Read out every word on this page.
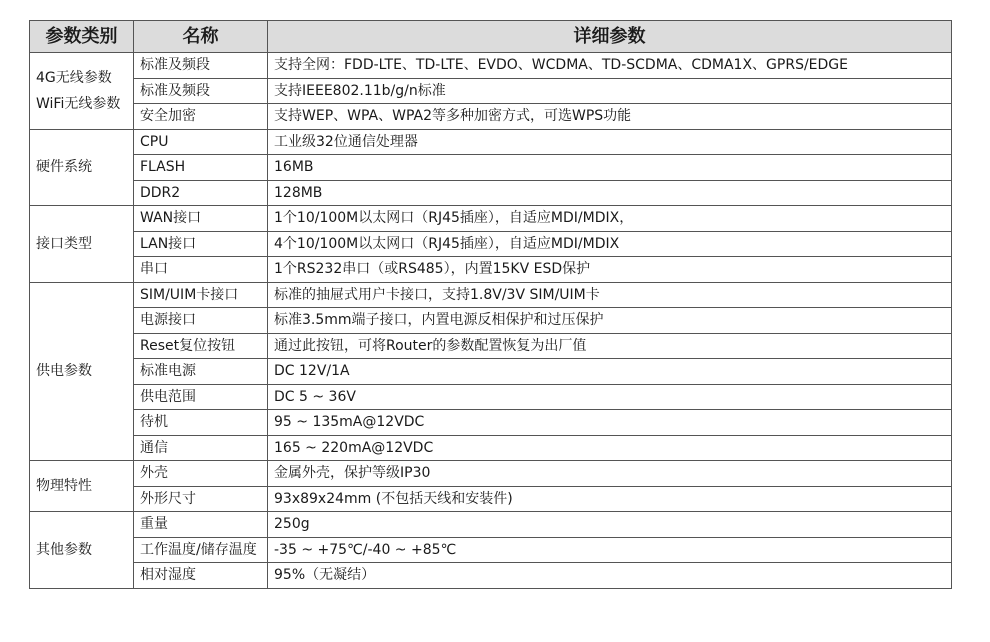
参数类别	名称	详细参数

4G无线参数
WiFi无线参数	标准及频段	支持全网：FDD-LTE、TD-LTE、EVDO、WCDMA、TD-SCDMA、CDMA1X、GPRS/EDGE
	标准及频段	支持IEEE802.11b/g/n标准
	安全加密	支持WEP、WPA、WPA2等多种加密方式，可选WPS功能

硬件系统	CPU	工业级32位通信处理器
	FLASH	16MB
	DDR2	128MB

接口类型	WAN接口	1个10/100M以太网口（RJ45插座），自适应MDI/MDIX，
	LAN接口	4个10/100M以太网口（RJ45插座），自适应MDI/MDIX
	串口	1个RS232串口（或RS485），内置15KV ESD保护

供电参数	SIM/UIM卡接口	标准的抽屉式用户卡接口，支持1.8V/3V SIM/UIM卡
	电源接口	标准3.5mm端子接口，内置电源反相保护和过压保护
	Reset复位按钮	通过此按钮，可将Router的参数配置恢复为出厂值
	标准电源	DC 12V/1A
	供电范围	DC 5 ~ 36V
	待机	95 ~ 135mA@12VDC
	通信	165 ~ 220mA@12VDC

物理特性	外壳	金属外壳，保护等级IP30
	外形尺寸	93x89x24mm (不包括天线和安装件)

其他参数	重量	250g
	工作温度/储存温度	-35 ~ +75℃/-40 ~ +85℃
	相对湿度	95%（无凝结）
